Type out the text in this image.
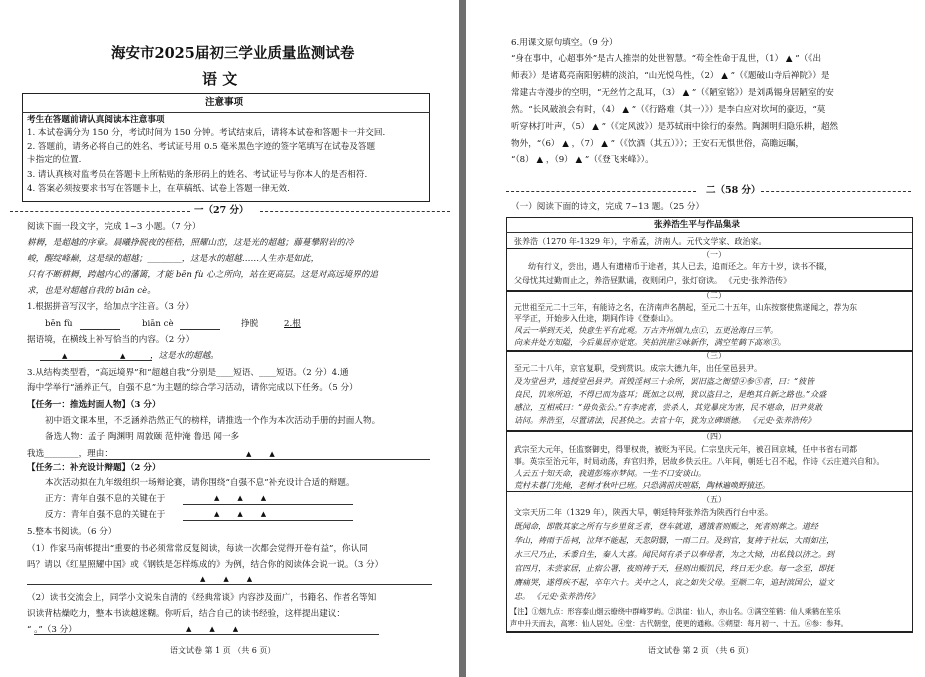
海安市2025届初三学业质量监测试卷
语 文
注意事项
考生在答题前请认真阅读本注意事项
1. 本试卷满分为 150 分，考试时间为 150 分钟。考试结束后，请将本试卷和答题卡一并交回.
2. 答题前，请务必将自己的姓名、考试证号用 0.5 毫米黑色字迹的签字笔填写在试卷及答题
卡指定的位置.
3. 请认真核对监考员在答题卡上所粘贴的条形码上的姓名、考试证号与你本人的是否相符.
4. 答案必须按要求书写在答题卡上，在草稿纸、试卷上答题一律无效.
一（27 分）
阅读下面一段文字，完成 1~3 小题。（7 分）
耕耨，是超越的序章。晨曦挣脱夜的桎梏，照耀山峦，这是光的超越；藤蔓攀附岩的冷
峻，醒绽峰巅，这是绿的超越；________，这是水的超越……人生亦是如此，
只有不断耕耨，跨越内心的藩篱，才能 bēn fù 心之所向，站在更高层。这是对高远境界的追
求，也是对超越自我的 biān cè。
1.根据拼音写汉字，给加点字注音。（3 分）
bēn fù	biān cè	挣脱	2.根
据语境，在横线上补写恰当的内容。（2 分）
▲	▲ ，这是水的超越。
3.从结构类型看，“高远境界”和“超越自我”分别是____短语、____短语。（2 分）4.通
海中学举行“涵养正气，自强不息”为主题的综合学习活动，请你完成以下任务。（5 分）
【任务一：推选封面人物】（3 分）
初中语文课本里，不乏涵养浩然正气的榜样，请推选一个作为本次活动手册的封面人物。
备选人物：孟子 陶渊明 周敦颐 范仲淹 鲁迅 闻一多
我选________，理由：	▲▲
【任务二：补充设计辩题】（2 分）
本次活动拟在九年级组织一场辩论赛，请你围绕“自强不息”补充设计合适的辩题。
正方：青年自强不息的关键在于	▲▲▲
反方：青年自强不息的关键在于	▲▲▲
5.整本书阅读。（6 分）
（1）作家马南邨提出“重要的书必须常常反复阅读，每读一次都会觉得开卷有益”，你认同
吗？请以《红星照耀中国》或《钢铁是怎样炼成的》为例，结合你的阅读体会说一说。（3 分）
▲▲▲
（2）读书交流会上，同学小文说朱自清的《经典常谈》内容涉及面广，书籍名、作者名等知
识读背枯燥吃力，整本书读越迷糊。你听后，结合自己的读书经验，这样提出建议：
“ 。”（3 分）	▲▲▲
语文试卷 第 1 页 （共 6 页）
6.用课文原句填空。（9 分）
“身在事中，心超事外”是古人推崇的处世智慧。“苟全性命于乱世，（1） ▲ ”（《出
师表》）是诸葛亮南阳躬耕的淡泊，“山光悦鸟性，（2） ▲ ”（《题破山寺后禅院》）是
常建古寺漫步的空明，“无丝竹之乱耳，（3） ▲ ”（《陋室铭》）是刘禹锡身居陋室的安
然。“长风破浪会有时，（4） ▲ ”（《行路难（其一）》）是李白应对坎坷的豪迈，“莫
听穿林打叶声，（5） ▲ ”（《定风波》）是苏轼雨中徐行的泰然。陶渊明归隐乐耕，超然
物外，“（6） ▲ ，（7） ▲ ”（《饮酒（其五）》）；王安石无惧世俗，高瞻远瞩，
“（8） ▲ ，（9） ▲ ”（《登飞来峰》）。
二（58 分）
（一）阅读下面的诗文，完成 7~13 题。（25 分）
张养浩生平与作品集录
张养浩（1270 年-1329 年），字希孟，济南人。元代文学家、政治家。
（一）
幼有行义，尝出，遇人有遗楮币于途者，其人已去，追而还之。年方十岁，读书不辍，
父母忧其过勤而止之，养浩昼默诵，夜则闭户，张灯窃读。 《元史·张养浩传》
（二）
元世祖至元二十三年，有能诗之名，在济南声名鹊起，至元二十五年，山东按察使焦遂闻之，荐为东
平学正，开始步入仕途，期间作诗《登泰山》。
风云一举到天关，快意生平有此观。万古齐州烟九点①，五更沧海日三竿。
向来井处方知隘，今后巢居亦觉宽。笑拍洪崖②咏新作，满空笙鹤下高寒③。
（三）
至元二十八年，京官复职，受到赏识。成宗大德九年，出任堂邑县尹。
及为堂邑尹，选授堂邑县尹。首毁淫祠三十余所，罢旧盗之衙望④参⑤者，曰：“彼皆
良民，饥寒所迫，不得已而为盗耳；既加之以刑，犹以盗目之，是绝其自新之路也。”众盛
感泣，互相戒曰：“毋负张公。”有李虎者，尝杀人，其党暴戾为害，民不堪命，旧尹莫敢
诘问。养浩至，尽置诸法，民甚快之。去官十年，犹为立碑颂德。 《元史·张养浩传》
（四）
武宗至大元年，任监察御史，得罪权贵，被贬为平民。仁宗皇庆元年，被召回京城，任中书省右司都
事。英宗至治元年，时局动荡，弃官归养，居故乡佚云庄。八年间，朝廷七召不起，作诗《云庄道兴自和》。
人云五十知天命，我道彭殇亦梦间。一生不口安谈山。
荒村未暮门先掩，老树才秋叶已班。只恐满前庆喧聒，陶林遍唤野猿还。
（五）
文宗天历二年（1329 年），陕西大旱，朝廷特拜张养浩为陕西行台中丞。
既闻命，即散其家之所有与乡里贫乏者，登车就道，遇饿者则赈之，死者则葬之。道经
华山，祷雨于岳祠，泣拜不能起，天忽阴翳，一雨二日。及到官，复祷于社坛，大雨如注，
水三尺乃止，禾黍自生，秦人大喜。闻民间有杀子以奉母者，为之大恸，出私钱以济之。到
官四月，未尝家居，止宿公署，夜则祷于天，昼则出赈饥民，终日无少怠。每一念至，即抚
膺痛哭，遂得疾不起，卒年六十。关中之人，哀之如失父母。至顺二年，追封滨国公，谥文
忠。 《元史·张养浩传》
【注】①烟九点：形容泰山烟云缭绕中群峰罗屿。②洪崖：仙人，亦山名。③满空笙鹤：仙人乘鹤在笙乐
声中升天而去，高寒：仙人居处。④堂：古代朝堂，使更的通称。⑤朔望：每月初一、十五。⑥参：参拜。
语文试卷 第 2 页 （共 6 页）
